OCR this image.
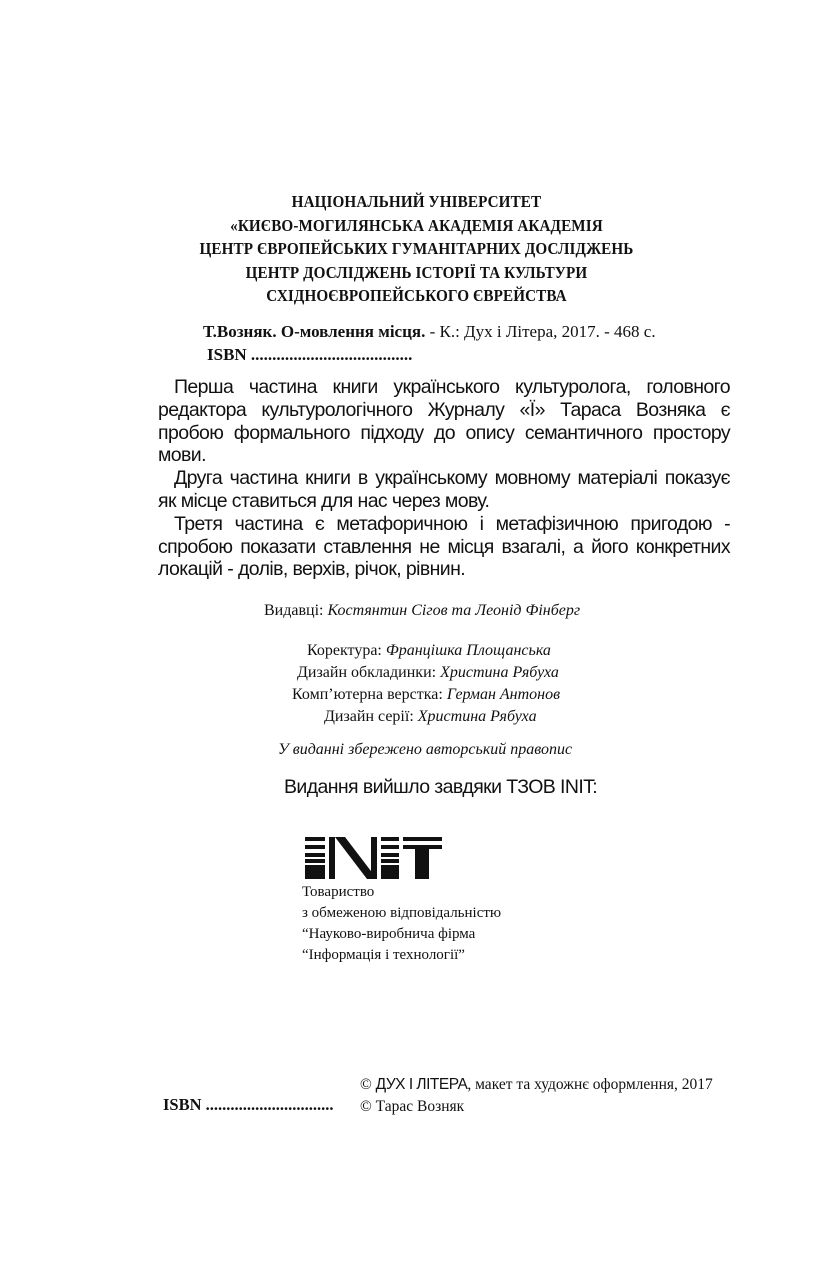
НАЦІОНАЛЬНИЙ УНІВЕРСИТЕТ
«КИЄВО-МОГИЛЯНСЬКА АКАДЕМІЯ АКАДЕМІЯ
ЦЕНТР ЄВРОПЕЙСЬКИХ ГУМАНІТАРНИХ ДОСЛІДЖЕНЬ
ЦЕНТР ДОСЛІДЖЕНЬ ІСТОРІЇ ТА КУЛЬТУРИ
СХІДНОЄВРОПЕЙСЬКОГО ЄВРЕЙСТВА
Т.Возняк. О-мовлення місця. - К.: Дух і Літера, 2017. - 468 с.
ISBN ......................................

Перша частина книги українського культуролога, головного редактора культурологічного Журналу «Ї» Тараса Возняка є пробою формального підходу до опису семантичного простору мови.

Друга частина книги в українському мовному матеріалі показує як місце ставиться для нас через мову.

Третя частина є метафоричною і метафізичною пригодою - спробою показати ставлення не місця взагалі, а його конкретних локацій - долів, верхів, річок, рівнин.

Видавці: Костянтин Сігов та Леонід Фінберг
Коректура: Францішка Площанська
Дизайн обкладинки: Христина Рябуха
Комп’ютерна верстка: Герман Антонов
Дизайн серії: Христина Рябуха
У виданні збережено авторський правопис
Видання вийшло завдяки ТЗОВ INIT:
Товариство
з обмеженою відповідальністю
“Науково-виробнича фірма
“Інформація і технології”
© ДУХ І ЛІТЕРА, макет та художнє оформлення, 2017
© Тарас Возняк
ISBN ...............................
